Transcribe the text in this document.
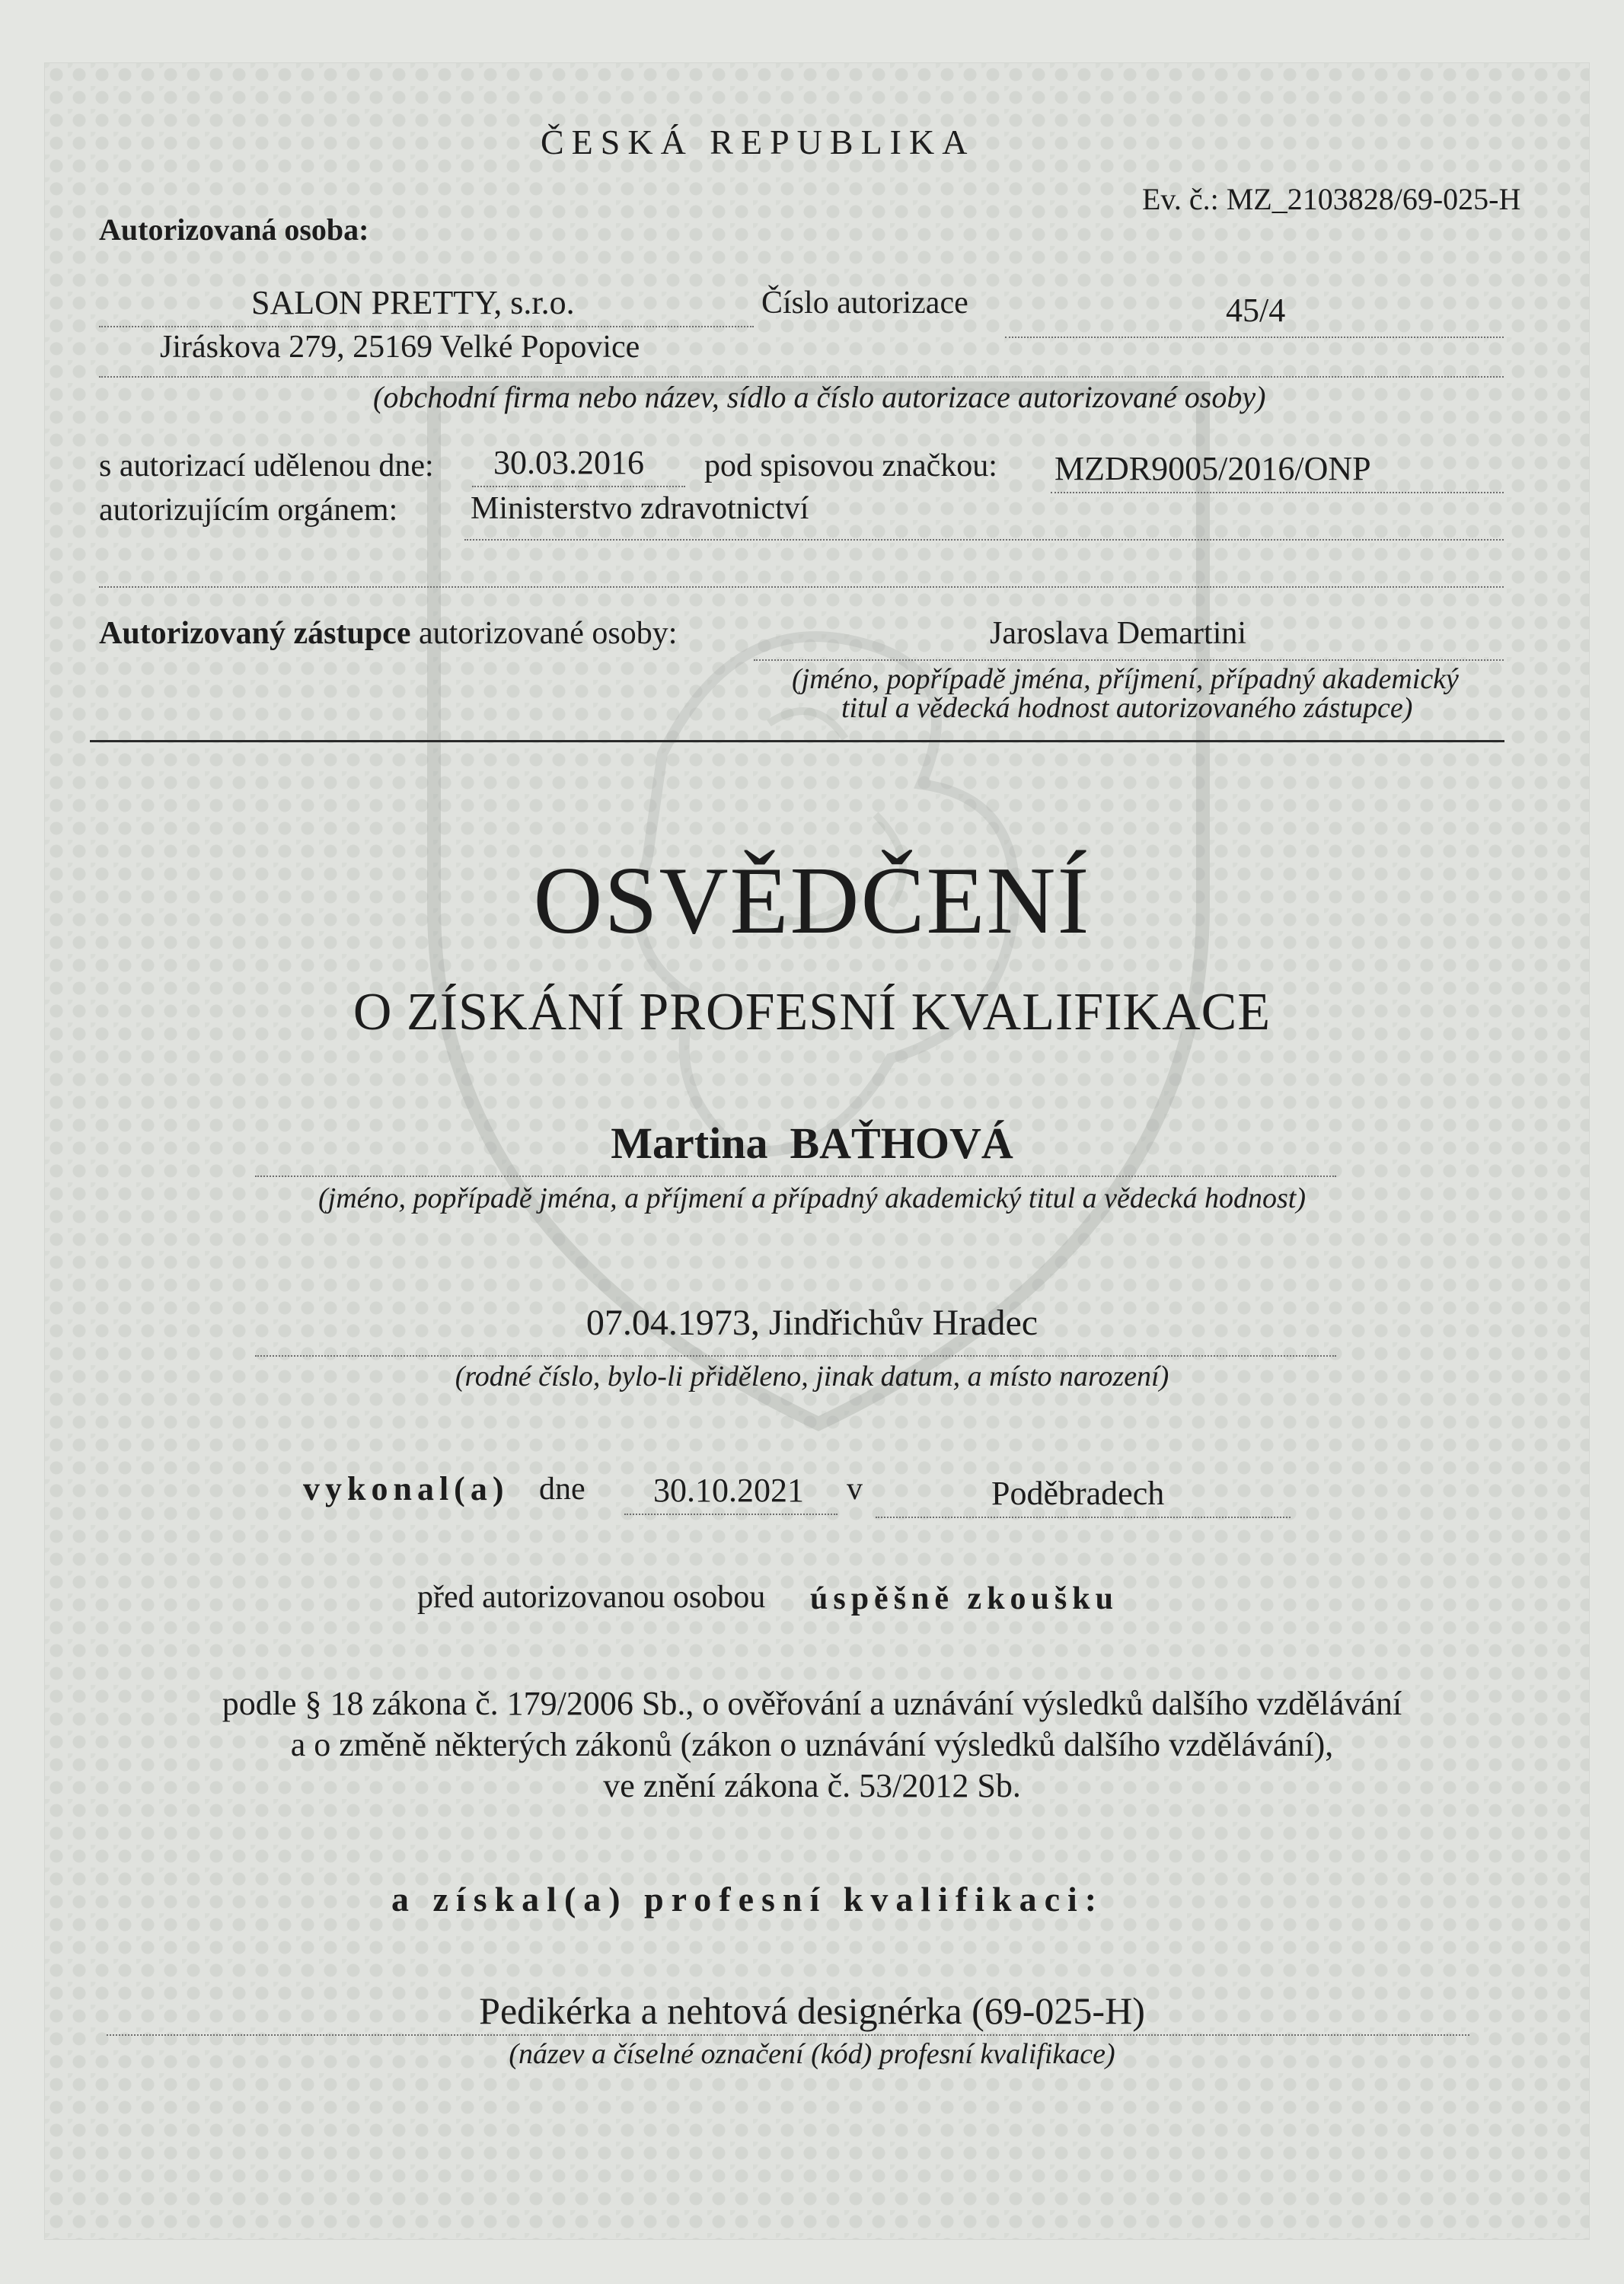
ČESKÁ REPUBLIKA
Ev. č.: MZ_2103828/69-025-H
Autorizovaná osoba:
SALON PRETTY, s.r.o.	Číslo autorizace	45/4
Jiráskova 279, 25169 Velké Popovice
(obchodní firma nebo název, sídlo a číslo autorizace autorizované osoby)
s autorizací udělenou dne: 30.03.2016 pod spisovou značkou: MZDR9005/2016/ONP
autorizujícím orgánem: Ministerstvo zdravotnictví
Autorizovaný zástupce autorizované osoby:	Jaroslava Demartini
(jméno, popřípadě jména, příjmení, případný akademický
titul a vědecká hodnost autorizovaného zástupce)
OSVĚDČENÍ
O ZÍSKÁNÍ PROFESNÍ KVALIFIKACE
Martina BAŤHOVÁ
(jméno, popřípadě jména, a příjmení a případný akademický titul a vědecká hodnost)
07.04.1973, Jindřichův Hradec
(rodné číslo, bylo-li přiděleno, jinak datum, a místo narození)
vykonal(a) dne 30.10.2021 v	Poděbradech
před autorizovanou osobou úspěšně zkoušku
podle § 18 zákona č. 179/2006 Sb., o ověřování a uznávání výsledků dalšího vzdělávání
a o změně některých zákonů (zákon o uznávání výsledků dalšího vzdělávání),
ve znění zákona č. 53/2012 Sb.
a získal(a) profesní kvalifikaci:
Pedikérka a nehtová designérka (69-025-H)
(název a číselné označení (kód) profesní kvalifikace)
